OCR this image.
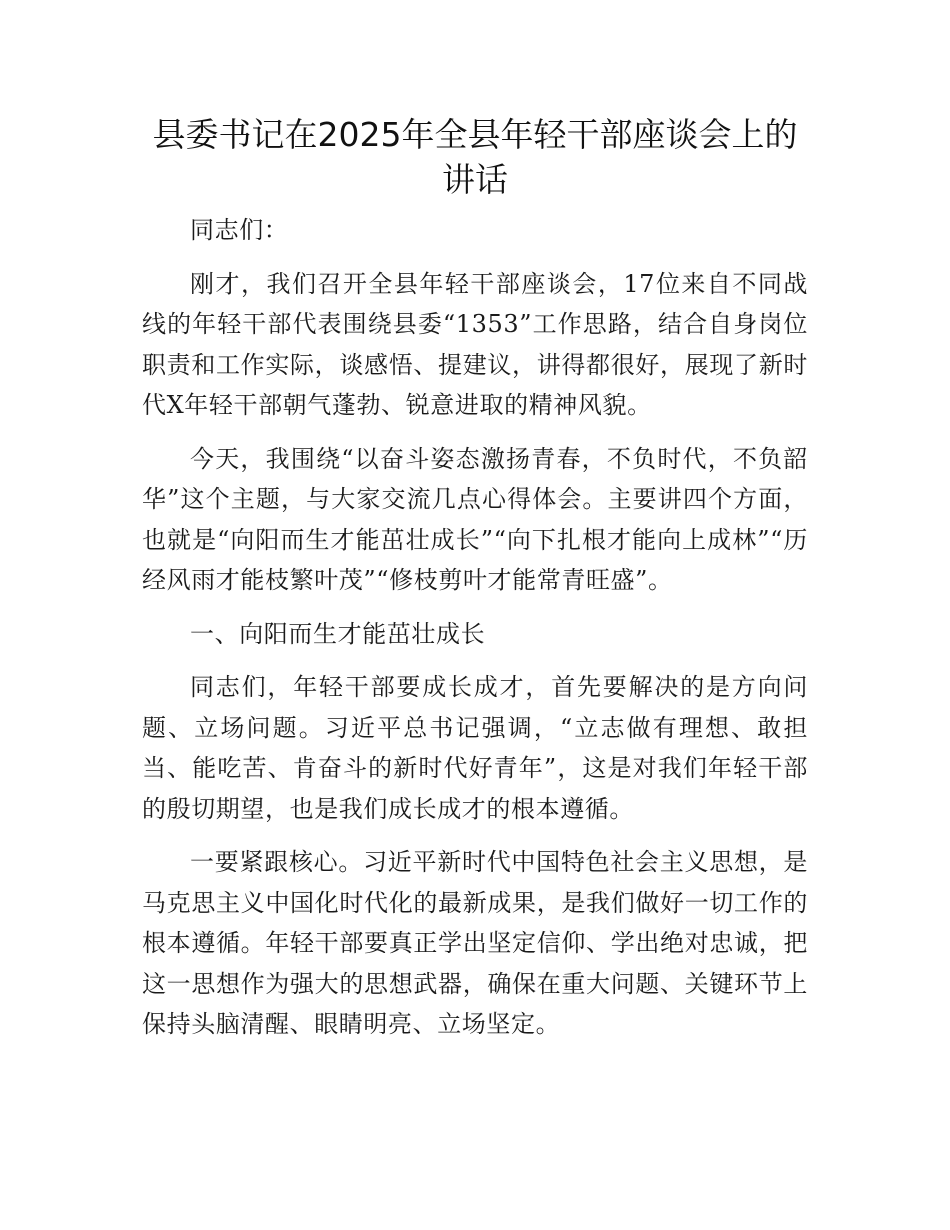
县委书记在2025年全县年轻干部座谈会上的讲话

同志们：

刚才，我们召开全县年轻干部座谈会，17位来自不同战线的年轻干部代表围绕县委“1353”工作思路，结合自身岗位职责和工作实际，谈感悟、提建议，讲得都很好，展现了新时代X年轻干部朝气蓬勃、锐意进取的精神风貌。

今天，我围绕“以奋斗姿态激扬青春，不负时代，不负韶华”这个主题，与大家交流几点心得体会。主要讲四个方面，也就是“向阳而生才能茁壮成长”“向下扎根才能向上成林”“历经风雨才能枝繁叶茂”“修枝剪叶才能常青旺盛”。

一、向阳而生才能茁壮成长

同志们，年轻干部要成长成才，首先要解决的是方向问题、立场问题。习近平总书记强调，“立志做有理想、敢担当、能吃苦、肯奋斗的新时代好青年”，这是对我们年轻干部的殷切期望，也是我们成长成才的根本遵循。

一要紧跟核心。习近平新时代中国特色社会主义思想，是马克思主义中国化时代化的最新成果，是我们做好一切工作的根本遵循。年轻干部要真正学出坚定信仰、学出绝对忠诚，把这一思想作为强大的思想武器，确保在重大问题、关键环节上保持头脑清醒、眼睛明亮、立场坚定。
